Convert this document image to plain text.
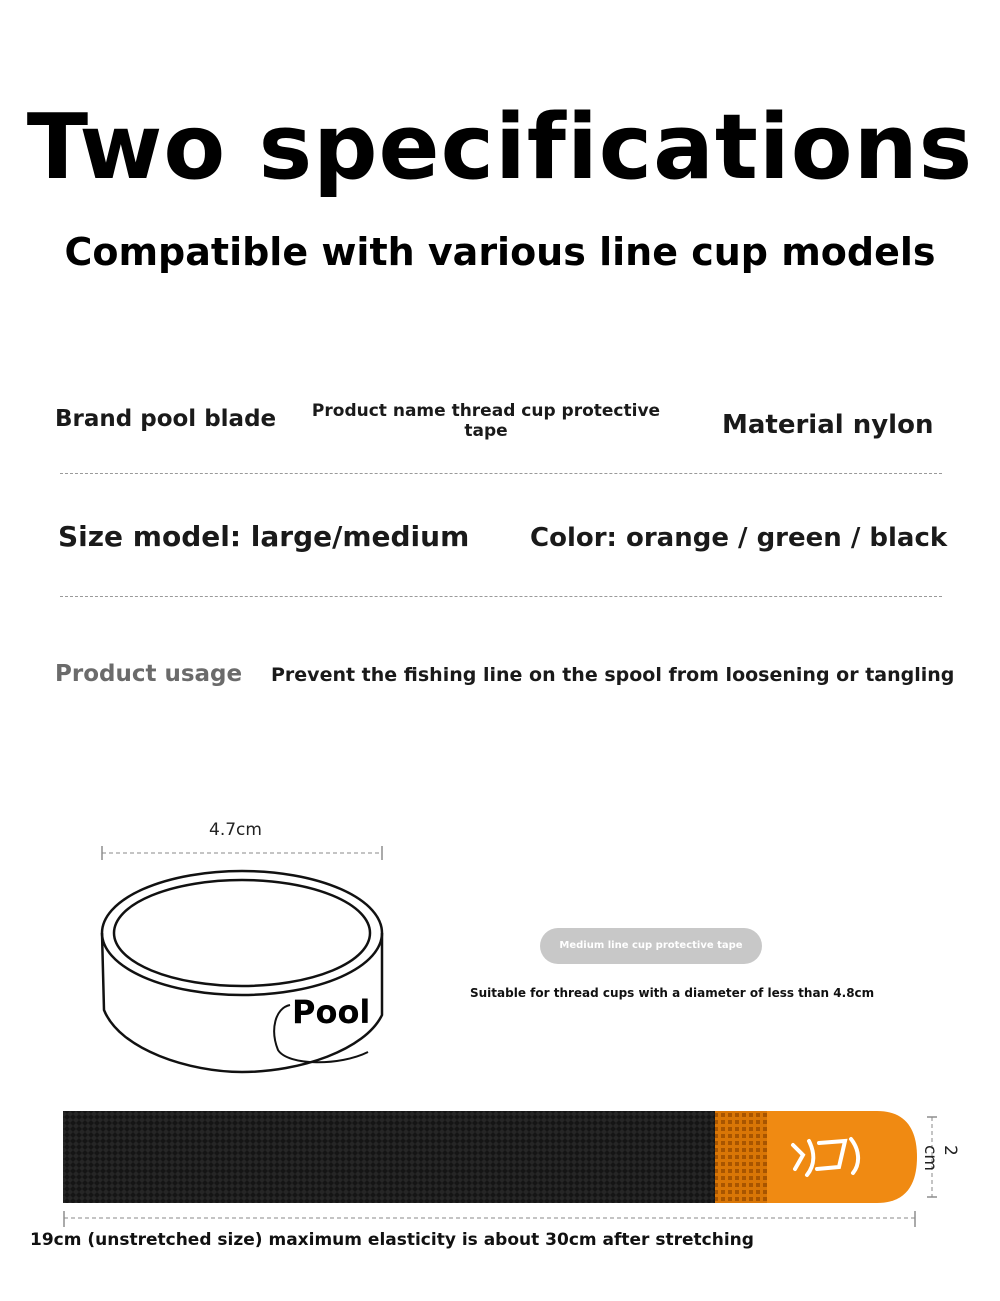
Two specifications
Compatible with various line cup models
Brand pool blade	Product name thread cup protective
tape	Material nylon
Size model: large/medium Color: orange / green / black
Product usage Prevent the fishing line on the spool from loosening or tangling
4.7cm
Pool
Medium line cup protective tape
Suitable for thread cups with a diameter of less than 4.8cm
2 cm
19cm (unstretched size) maximum elasticity is about 30cm after stretching
